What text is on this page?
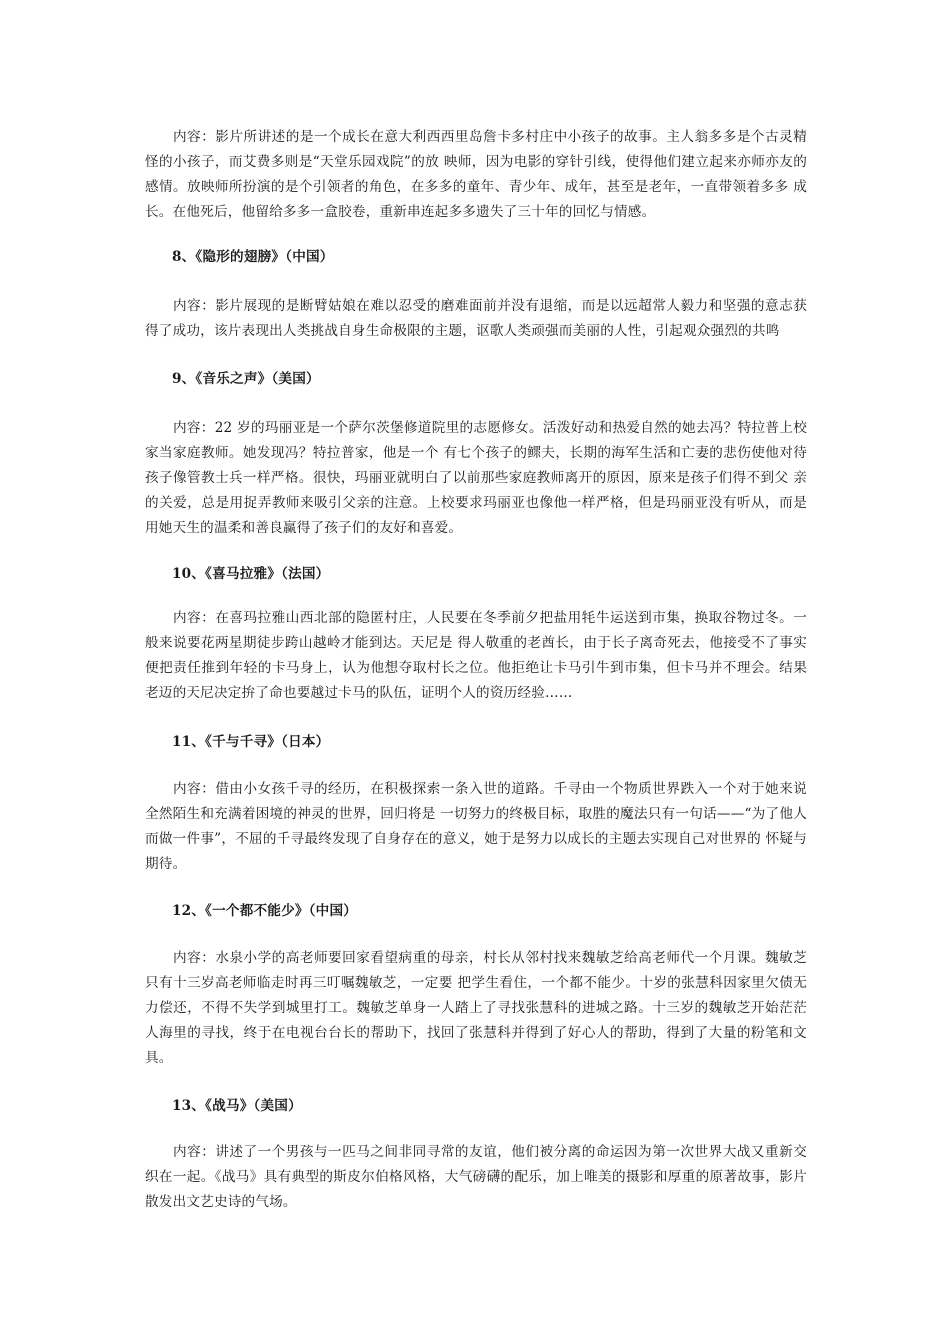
内容：影片所讲述的是一个成长在意大利西西里岛詹卡多村庄中小孩子的故事。主人翁多多是个古灵精怪的小孩子，而艾费多则是“天堂乐园戏院”的放 映师，因为电影的穿针引线，使得他们建立起来亦师亦友的感情。放映师所扮演的是个引领者的角色，在多多的童年、青少年、成年，甚至是老年，一直带领着多多 成长。在他死后，他留给多多一盒胶卷，重新串连起多多遗失了三十年的回忆与情感。

8、《隐形的翅膀》（中国）

内容：影片展现的是断臂姑娘在难以忍受的磨难面前并没有退缩，而是以远超常人毅力和坚强的意志获得了成功，该片表现出人类挑战自身生命极限的主题，讴歌人类顽强而美丽的人性，引起观众强烈的共鸣

9、《音乐之声》（美国）

内容：22 岁的玛丽亚是一个萨尔茨堡修道院里的志愿修女。活泼好动和热爱自然的她去冯？特拉普上校家当家庭教师。她发现冯？特拉普家，他是一个 有七个孩子的鳏夫，长期的海军生活和亡妻的悲伤使他对待孩子像管教士兵一样严格。很快，玛丽亚就明白了以前那些家庭教师离开的原因，原来是孩子们得不到父 亲的关爱，总是用捉弄教师来吸引父亲的注意。上校要求玛丽亚也像他一样严格，但是玛丽亚没有听从，而是用她天生的温柔和善良赢得了孩子们的友好和喜爱。

10、《喜马拉雅》（法国）

内容：在喜玛拉雅山西北部的隐匿村庄，人民要在冬季前夕把盐用牦牛运送到市集，换取谷物过冬。一般来说要花两星期徒步跨山越岭才能到达。天尼是 得人敬重的老酋长，由于长子离奇死去，他接受不了事实便把责任推到年轻的卡马身上，认为他想夺取村长之位。他拒绝让卡马引牛到市集，但卡马并不理会。结果 老迈的天尼决定拚了命也要越过卡马的队伍，证明个人的资历经验……

11、《千与千寻》（日本）

内容：借由小女孩千寻的经历，在积极探索一条入世的道路。千寻由一个物质世界跌入一个对于她来说全然陌生和充满着困境的神灵的世界，回归将是 一切努力的终极目标，取胜的魔法只有一句话——“为了他人而做一件事”，不屈的千寻最终发现了自身存在的意义，她于是努力以成长的主题去实现自己对世界的 怀疑与期待。

12、《一个都不能少》（中国）

内容：水泉小学的高老师要回家看望病重的母亲，村长从邻村找来魏敏芝给高老师代一个月课。魏敏芝只有十三岁高老师临走时再三叮嘱魏敏芝，一定要 把学生看住，一个都不能少。十岁的张慧科因家里欠债无力偿还，不得不失学到城里打工。魏敏芝单身一人踏上了寻找张慧科的进城之路。十三岁的魏敏芝开始茫茫 人海里的寻找，终于在电视台台长的帮助下，找回了张慧科并得到了好心人的帮助，得到了大量的粉笔和文具。

13、《战马》（美国）

内容：讲述了一个男孩与一匹马之间非同寻常的友谊，他们被分离的命运因为第一次世界大战又重新交织在一起。《战马》具有典型的斯皮尔伯格风格，大气磅礴的配乐，加上唯美的摄影和厚重的原著故事，影片散发出文艺史诗的气场。
